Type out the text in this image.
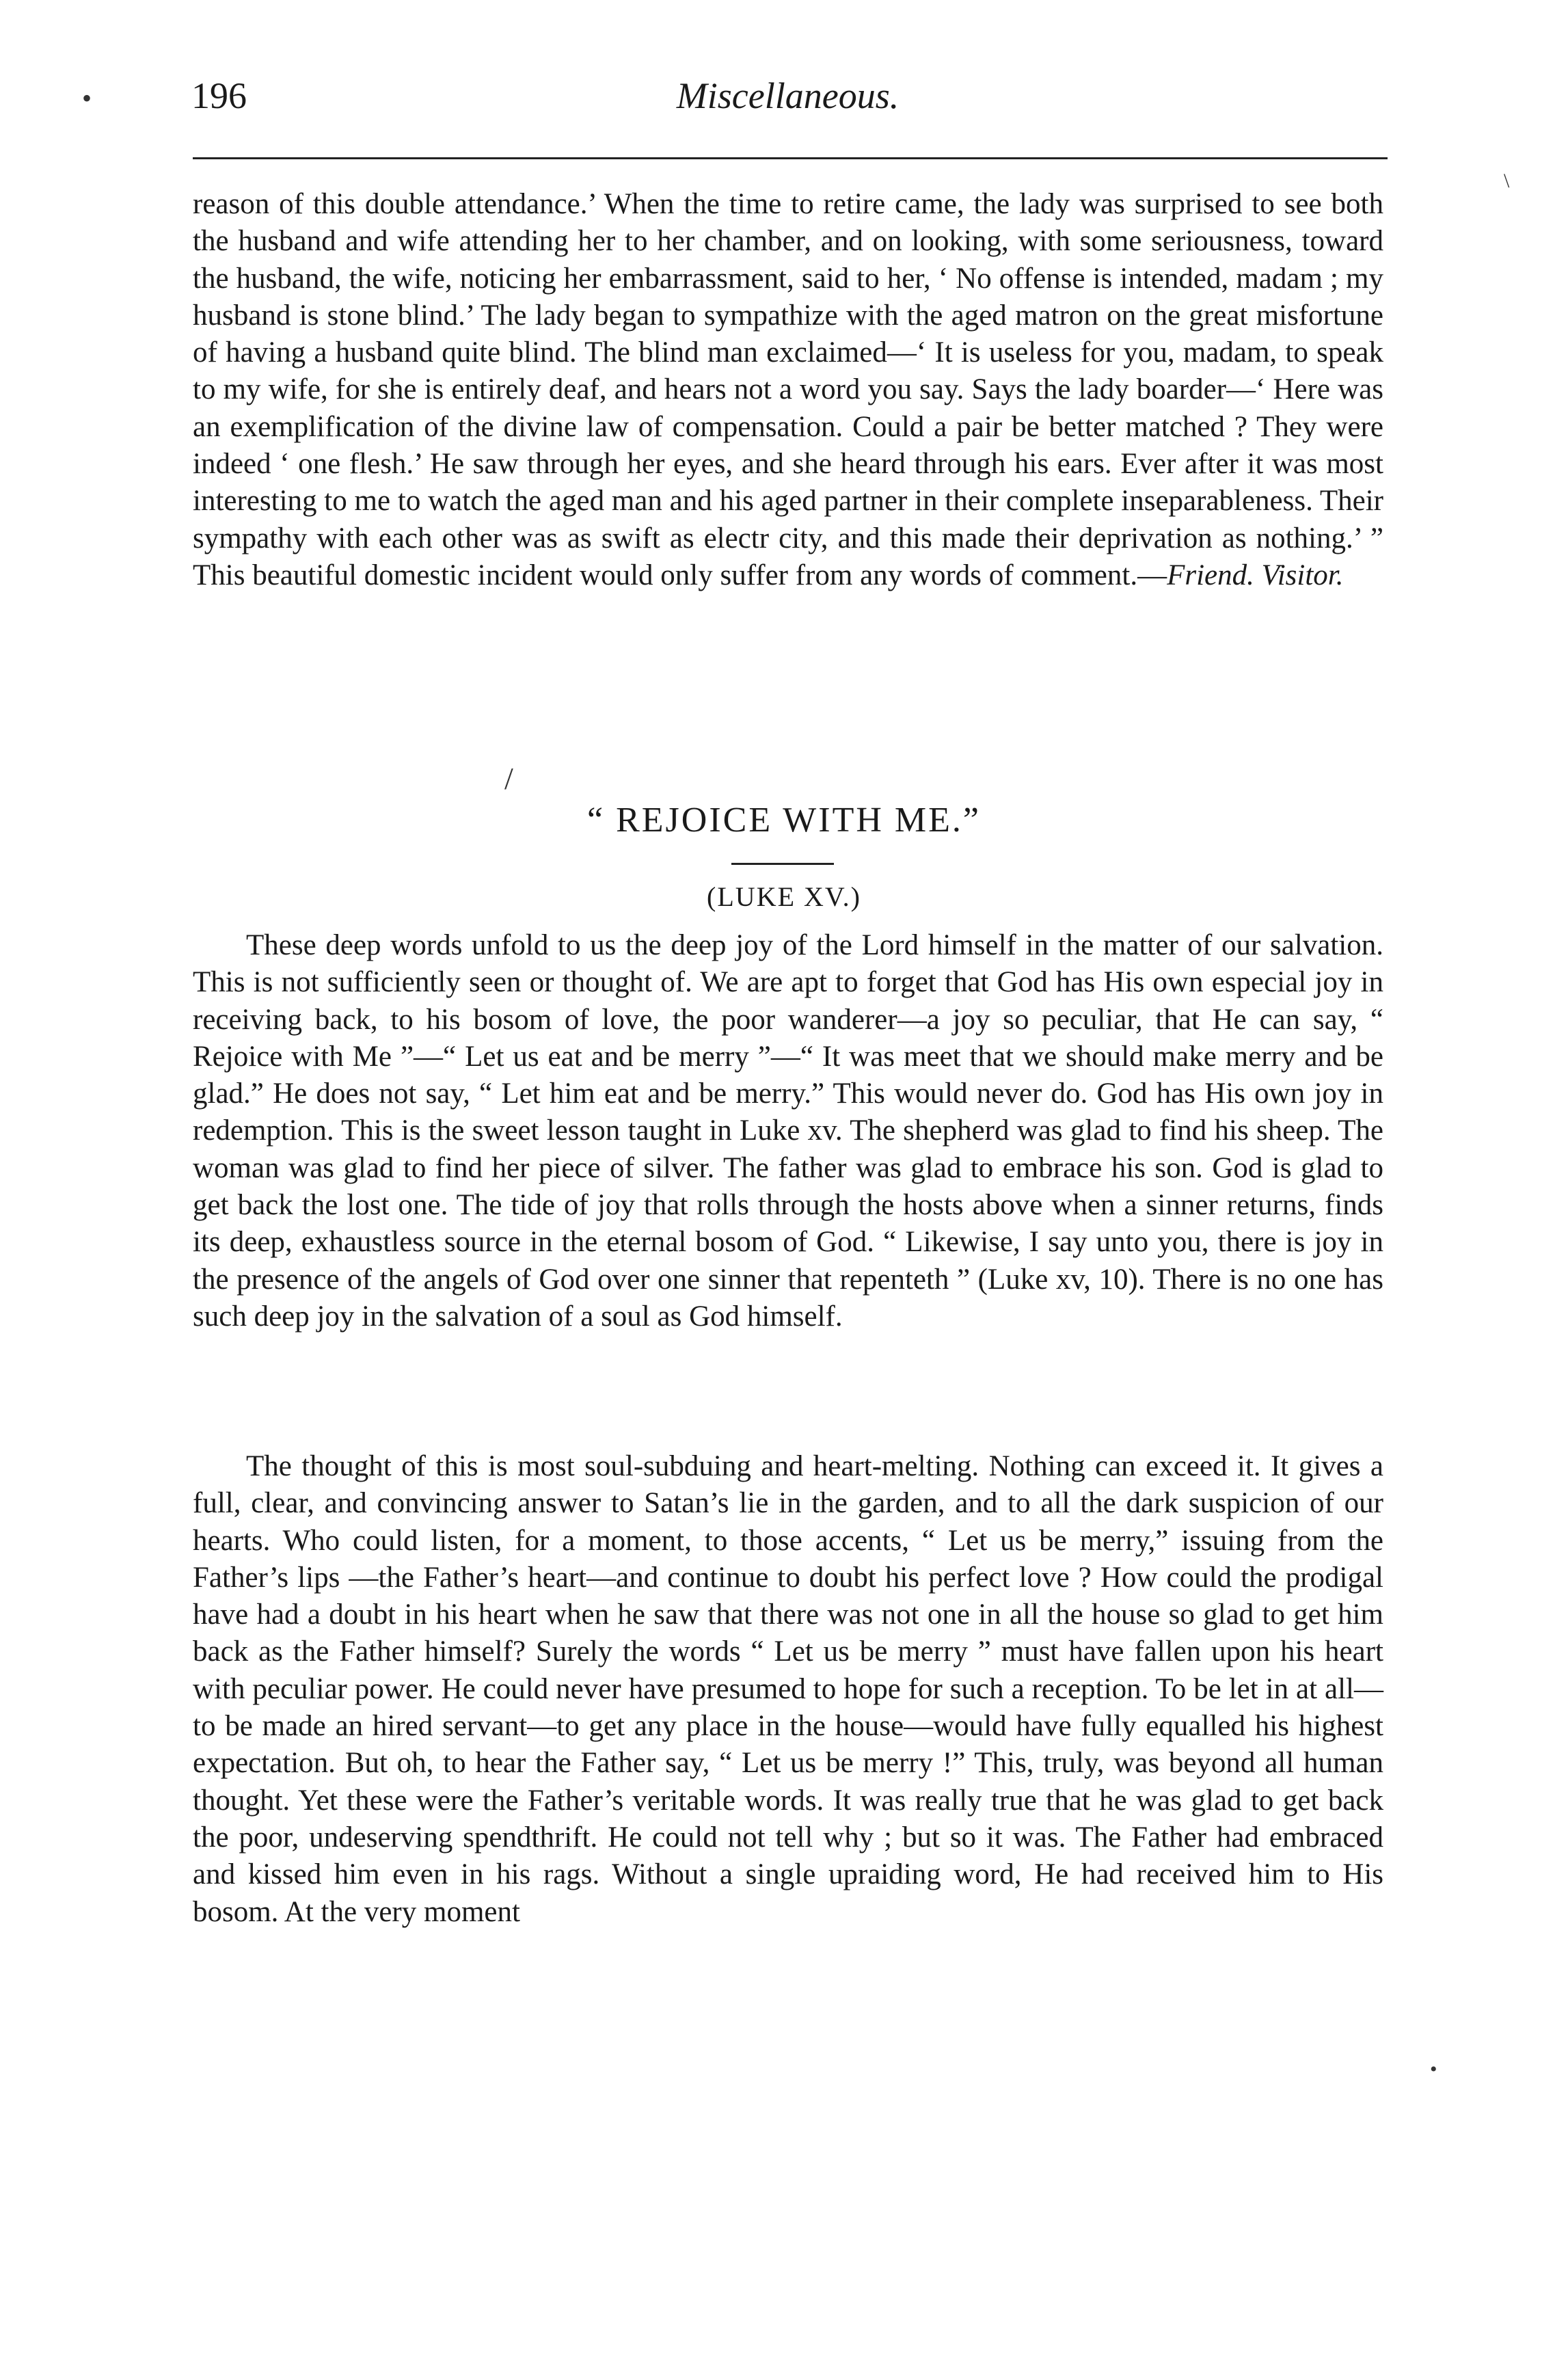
196	Miscellaneous.

reason of this double attendance.’ When the time to retire came, the lady was surprised to see both the husband and wife attending her to her chamber, and on looking, with some seriousness, toward the husband, the wife, noticing her embarrassment, said to her, ‘ No offense is intended, madam ; my husband is stone blind.’ The lady began to sympathize with the aged matron on the great misfortune of having a husband quite blind. The blind man exclaimed—‘ It is useless for you, madam, to speak to my wife, for she is entirely deaf, and hears not a word you say. Says the lady boarder—‘ Here was an exemplification of the divine law of compensation. Could a pair be better matched ? They were indeed ‘ one flesh.’ He saw through her eyes, and she heard through his ears. Ever after it was most interesting to me to watch the aged man and his aged partner in their complete inseparableness. Their sympathy with each other was as swift as electr city, and this made their deprivation as nothing.’ ” This beautiful domestic incident would only suffer from any words of comment.—Friend. Visitor.

/
•
\
“ REJOICE WITH ME.”
(LUKE XV.)

These deep words unfold to us the deep joy of the Lord himself in the matter of our salvation. This is not sufficiently seen or thought of. We are apt to forget that God has His own especial joy in receiving back, to his bosom of love, the poor wanderer—a joy so peculiar, that He can say, “ Rejoice with Me ”—“ Let us eat and be merry ”—“ It was meet that we should make merry and be glad.” He does not say, “ Let him eat and be merry.” This would never do. God has His own joy in redemption. This is the sweet lesson taught in Luke xv. The shepherd was glad to find his sheep. The woman was glad to find her piece of silver. The father was glad to embrace his son. God is glad to get back the lost one. The tide of joy that rolls through the hosts above when a sinner returns, finds its deep, exhaustless source in the eternal bosom of God. “ Likewise, I say unto you, there is joy in the presence of the angels of God over one sinner that repenteth ” (Luke xv, 10). There is no one has such deep joy in the salvation of a soul as God himself.

The thought of this is most soul-subduing and heart-melting. Nothing can exceed it. It gives a full, clear, and convincing answer to Satan’s lie in the garden, and to all the dark suspicion of our hearts. Who could listen, for a moment, to those accents, “ Let us be merry,” issuing from the Father’s lips —the Father’s heart—and continue to doubt his perfect love ? How could the prodigal have had a doubt in his heart when he saw that there was not one in all the house so glad to get him back as the Father himself? Surely the words “ Let us be merry ” must have fallen upon his heart with peculiar power. He could never have presumed to hope for such a reception. To be let in at all—to be made an hired servant—to get any place in the house—would have fully equalled his highest expectation. But oh, to hear the Father say, “ Let us be merry !” This, truly, was beyond all human thought. Yet these were the Father’s veritable words. It was really true that he was glad to get back the poor, undeserving spendthrift. He could not tell why ; but so it was. The Father had embraced and kissed him even in his rags. Without a single upraiding word, He had received him to His bosom. At the very moment

•
